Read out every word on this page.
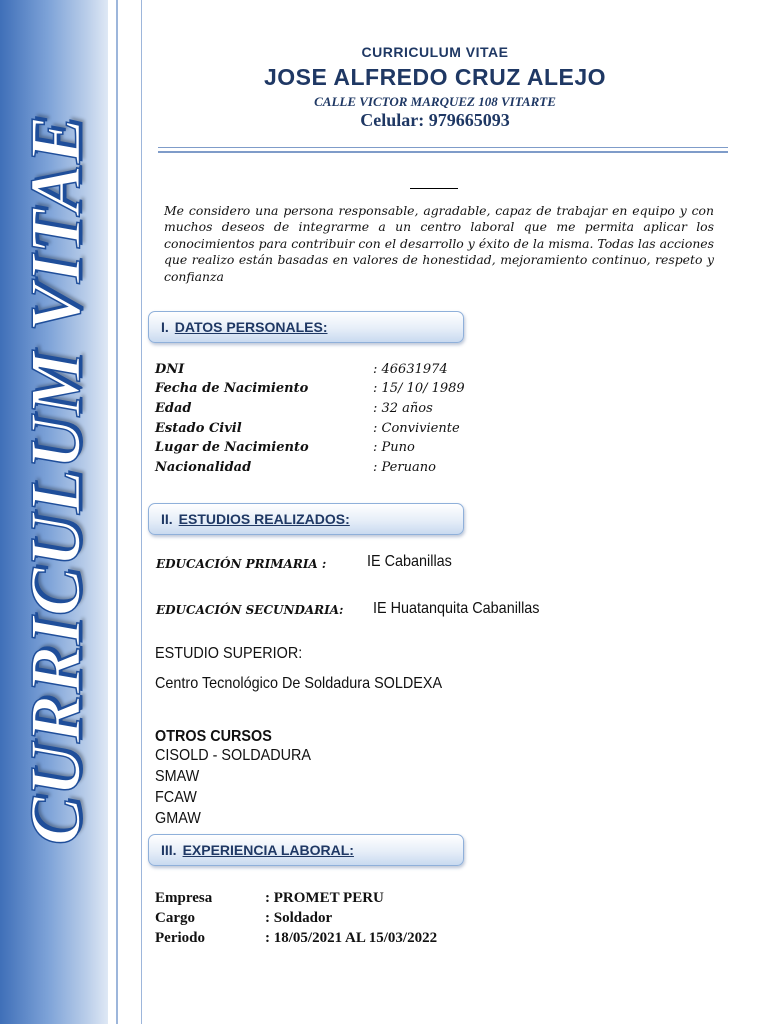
CURRICULUM VITAE
CURRICULUM VITAE
JOSE ALFREDO CRUZ ALEJO
CALLE VICTOR MARQUEZ 108 VITARTE
Celular: 979665093
Me considero una persona responsable, agradable, capaz de trabajar en equipo y con muchos deseos de integrarme a un centro laboral que me permita aplicar los conocimientos para contribuir con el desarrollo y éxito de la misma. Todas las acciones que realizo están basadas en valores de honestidad, mejoramiento continuo, respeto y confianza
I. DATOS PERSONALES:
DNI	: 46631974
Fecha de Nacimiento	: 15/ 10/ 1989
Edad	: 32 años
Estado Civil	: Conviviente
Lugar de Nacimiento	: Puno
Nacionalidad	: Peruano
II. ESTUDIOS REALIZADOS:
EDUCACIÓN PRIMARIA :	IE Cabanillas
EDUCACIÓN SECUNDARIA: IE Huatanquita Cabanillas
ESTUDIO SUPERIOR:
Centro Tecnológico De Soldadura SOLDEXA
OTROS CURSOS
CISOLD - SOLDADURA
SMAW
FCAW
GMAW
III. EXPERIENCIA LABORAL:
Empresa	: PROMET PERU
Cargo	: Soldador
Periodo	: 18/05/2021 AL 15/03/2022
